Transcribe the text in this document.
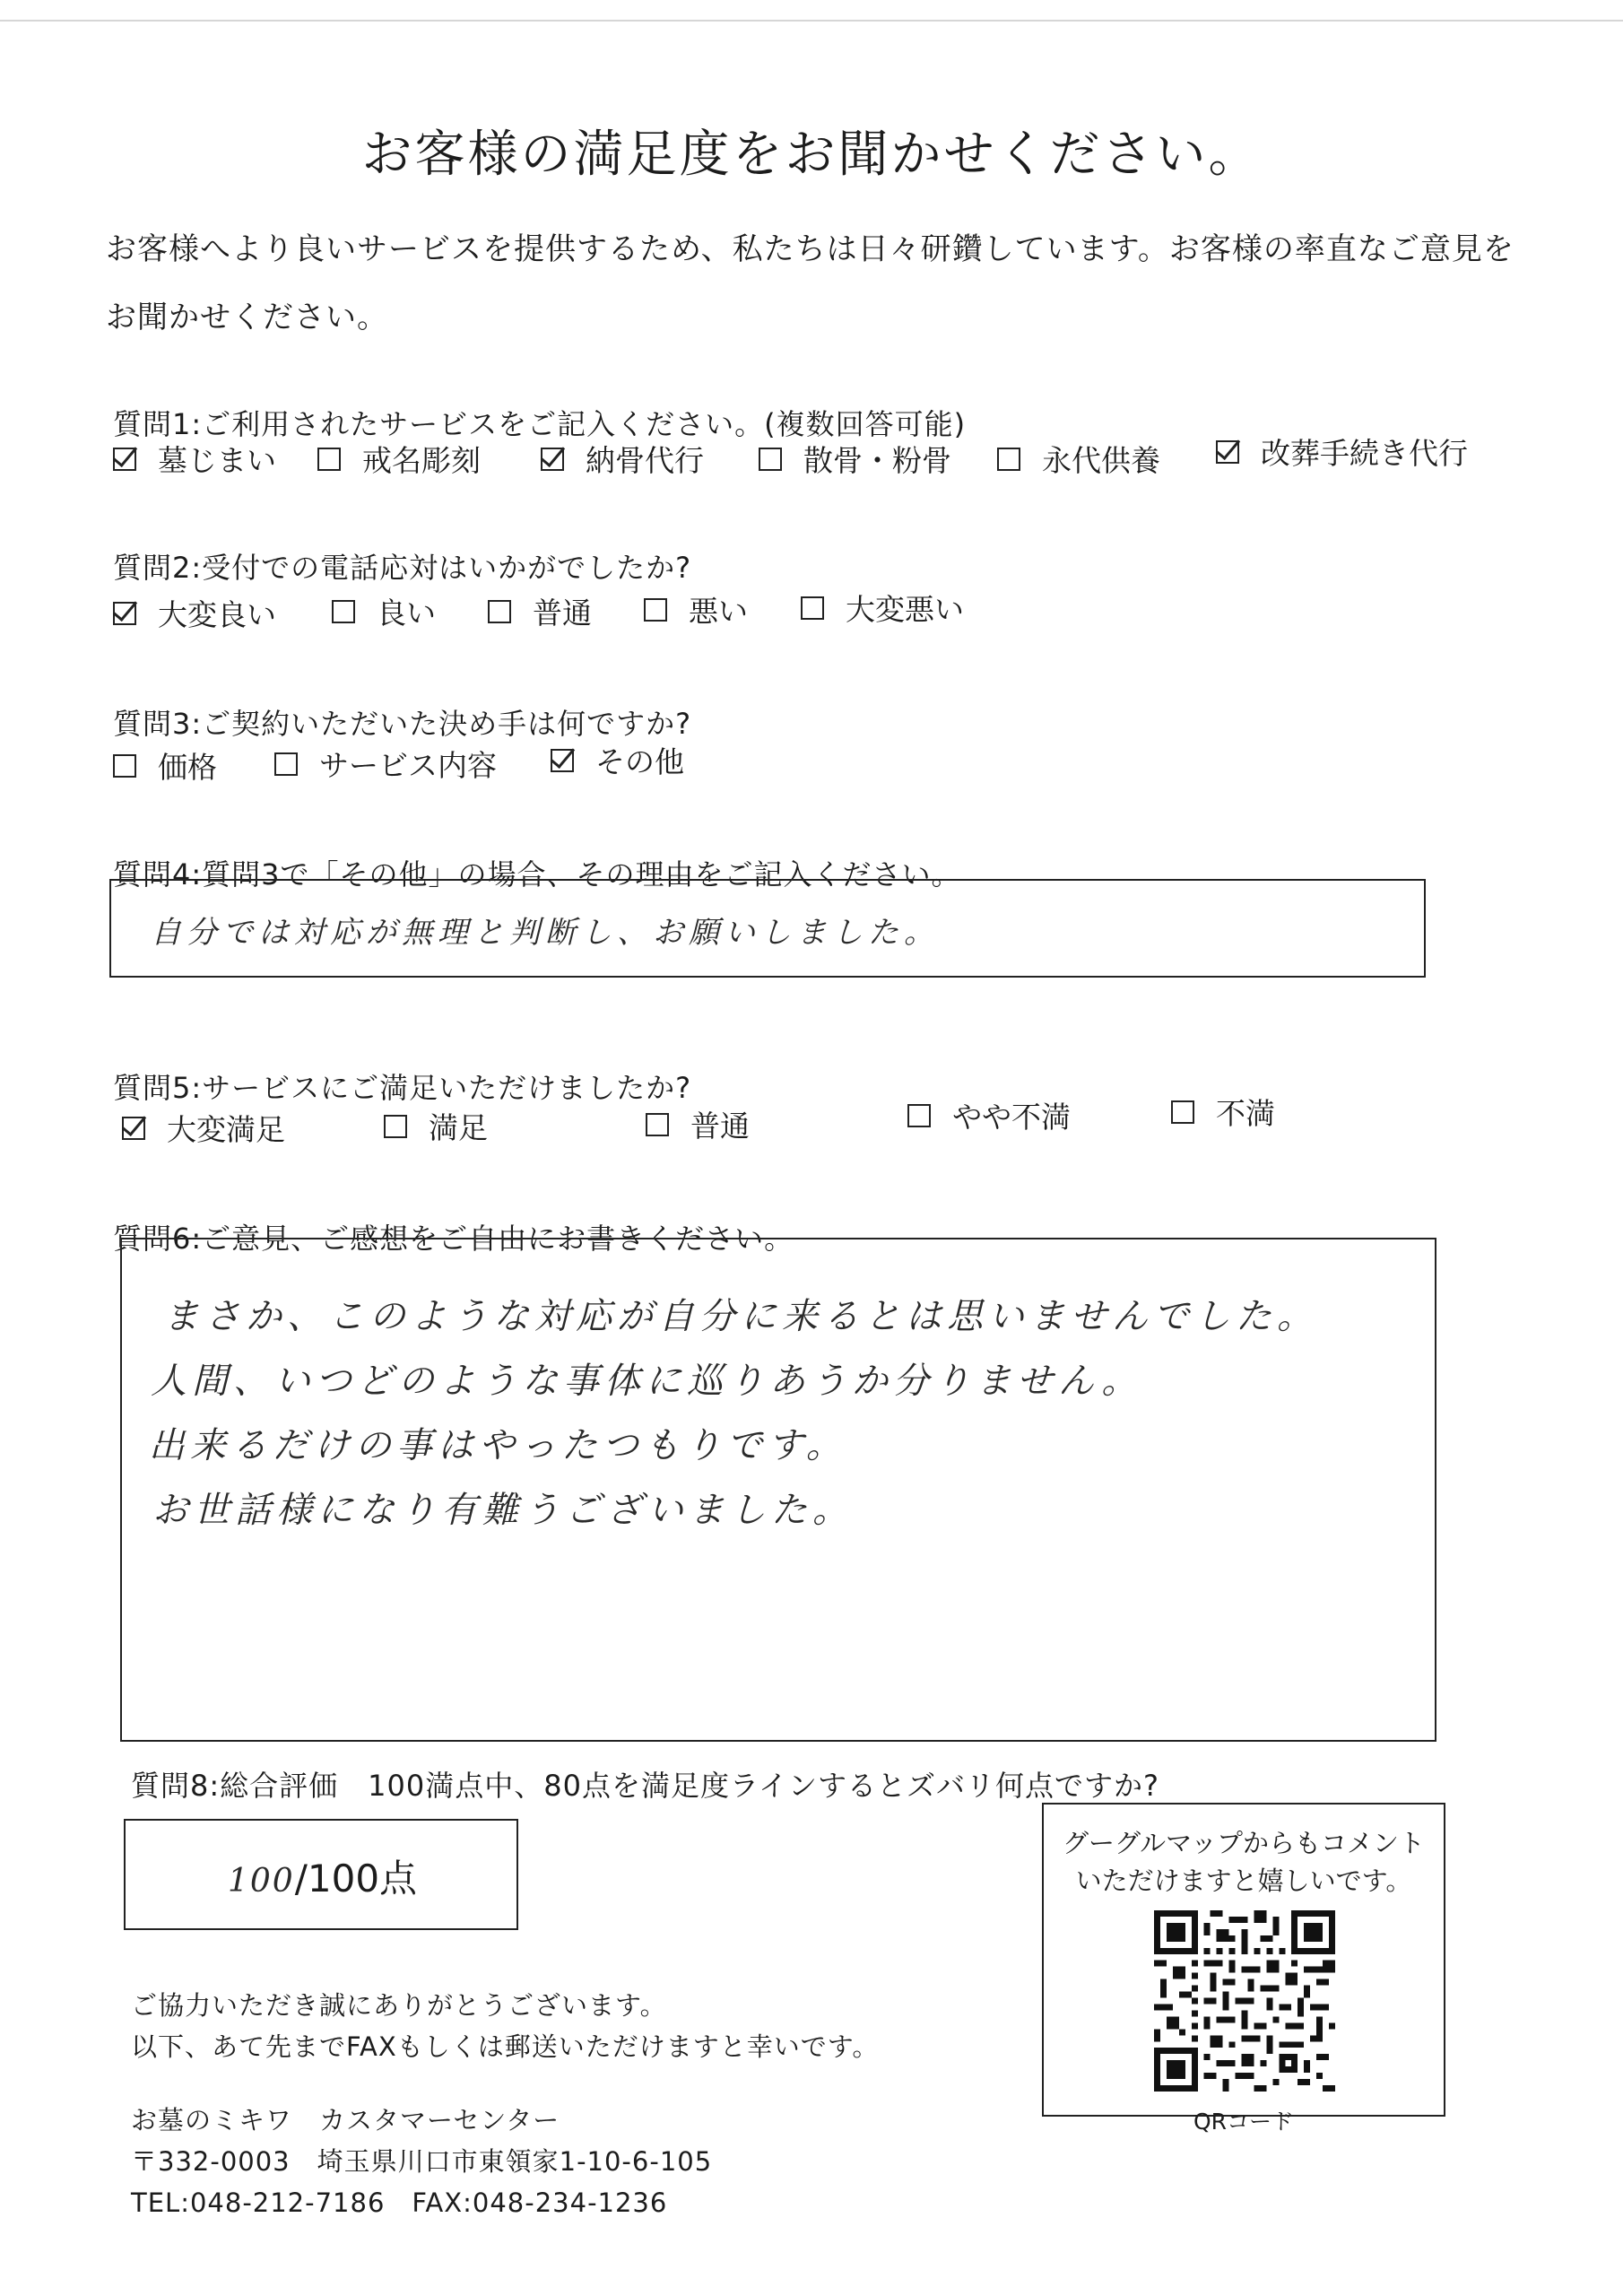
お客様の満足度をお聞かせください。
お客様へより良いサービスを提供するため、私たちは日々研鑽しています。お客様の率直なご意見を
お聞かせください。
質問1:ご利用されたサービスをご記入ください。(複数回答可能)
墓じまい	戒名彫刻	納骨代行	散骨・粉骨	永代供養	改葬手続き代行
質問2:受付での電話応対はいかがでしたか?
大変良い	良い	普通	悪い	大変悪い
質問3:ご契約いただいた決め手は何ですか?
価格	サービス内容	その他
質問4:質問3で「その他」の場合、その理由をご記入ください。
自分では対応が無理と判断し、お願いしました。
質問5:サービスにご満足いただけましたか?
大変満足	満足	普通	やや不満	不満
質問6:ご意見、ご感想をご自由にお書きください。
まさか、このような対応が自分に来るとは思いませんでした。
人間、いつどのような事体に巡りあうか分りません。
出来るだけの事はやったつもりです。
お世話様になり有難うございました。
質問8:総合評価　100満点中、80点を満足度ラインするとズバリ何点ですか?
100 /100点
グーグルマップからもコメント
いただけますと嬉しいです。
QRコード
ご協力いただき誠にありがとうございます。
以下、あて先までFAXもしくは郵送いただけますと幸いです。
お墓のミキワ　カスタマーセンター
〒332-0003　埼玉県川口市東領家1-10-6-105
TEL:048-212-7186　FAX:048-234-1236
